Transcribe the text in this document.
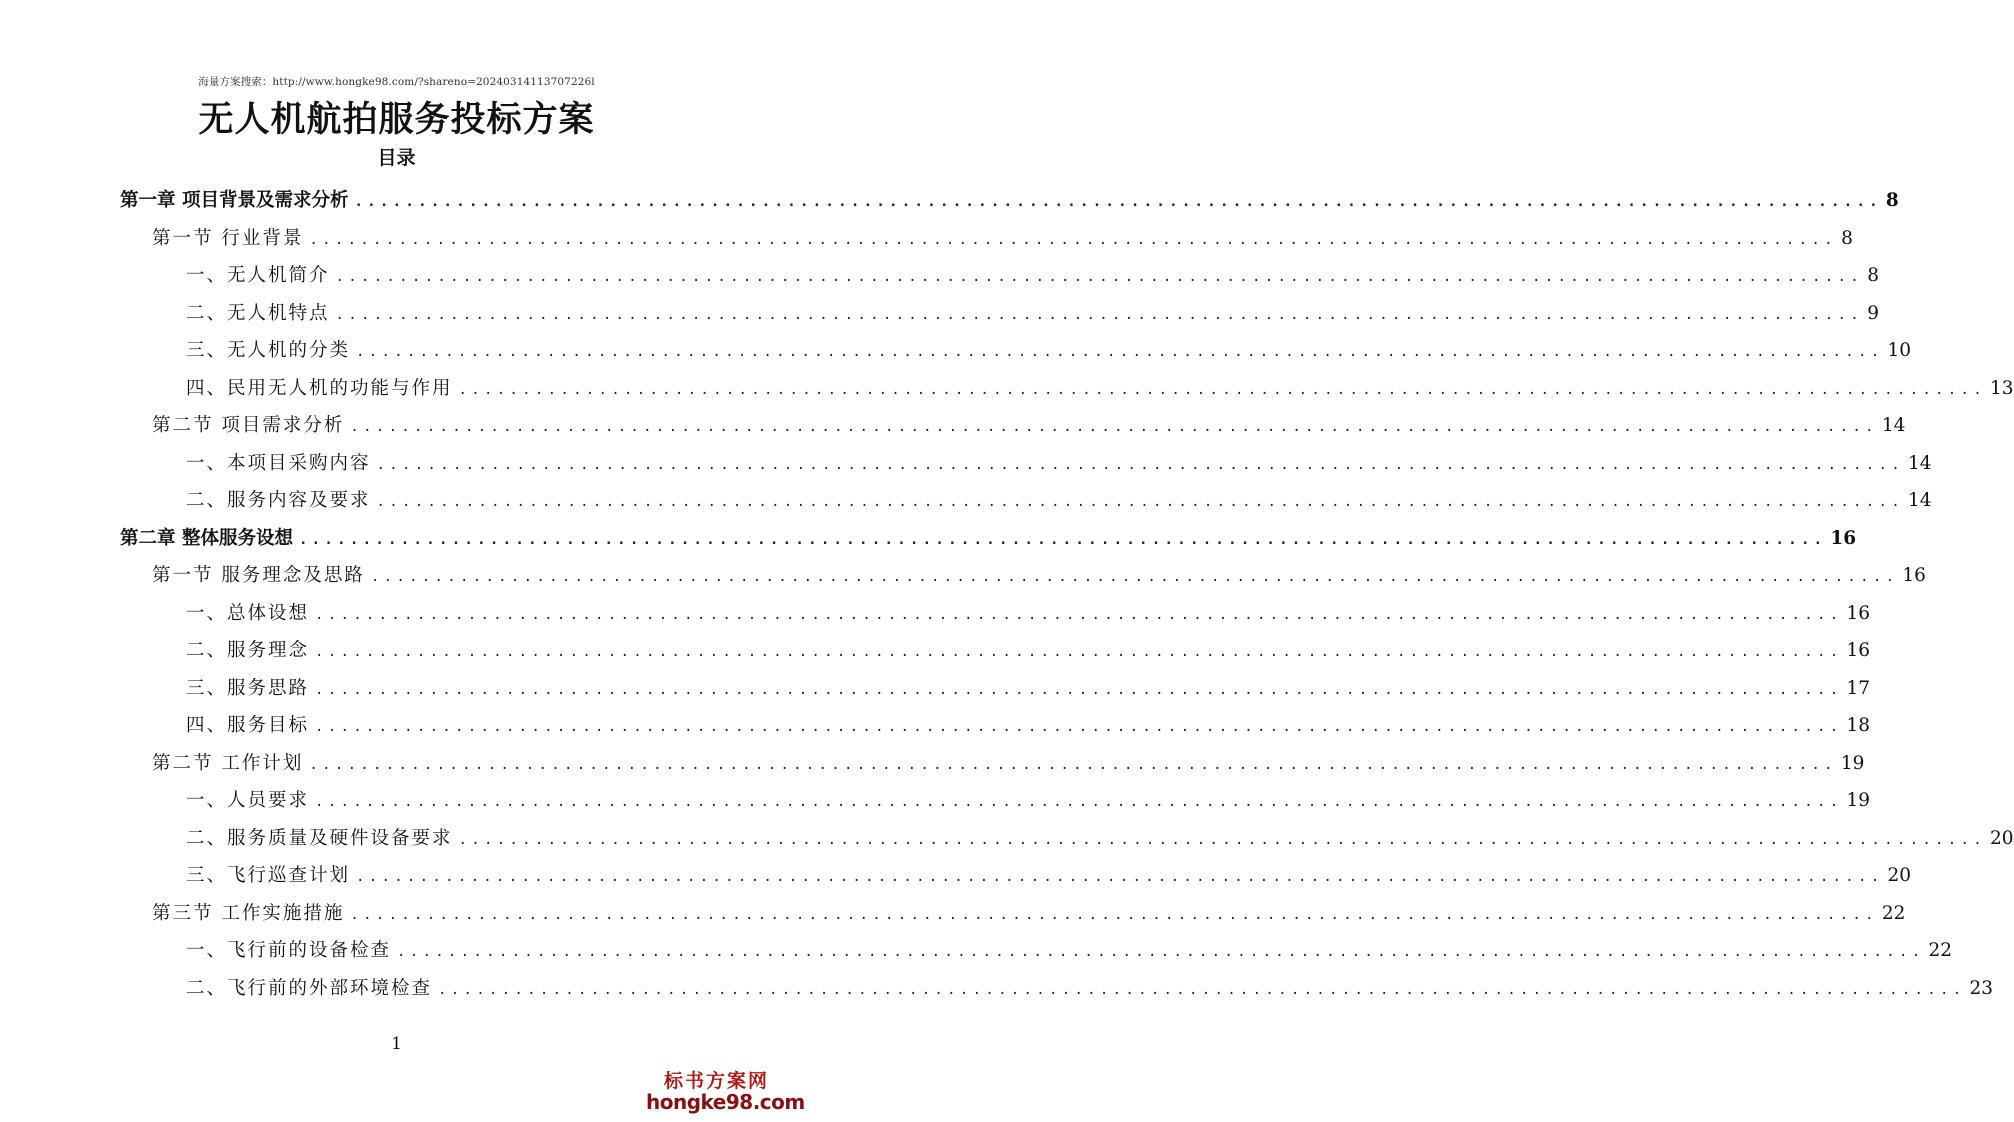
海量方案搜索：http://www.hongke98.com/?shareno=20240314113707226l
无人机航拍服务投标方案
目录
第一章 项目背景及需求分析 ........................................................................................................................ 8
第一节 行业背景 ........................................................................................................................ 8
一、无人机简介 ........................................................................................................................ 8
二、无人机特点 ........................................................................................................................ 9
三、无人机的分类 ........................................................................................................................ 10
四、民用无人机的功能与作用 ........................................................................................................................ 13
第二节 项目需求分析 ........................................................................................................................ 14
一、本项目采购内容 ........................................................................................................................ 14
二、服务内容及要求 ........................................................................................................................ 14
第二章 整体服务设想 ........................................................................................................................ 16
第一节 服务理念及思路 ........................................................................................................................ 16
一、总体设想 ........................................................................................................................ 16
二、服务理念 ........................................................................................................................ 16
三、服务思路 ........................................................................................................................ 17
四、服务目标 ........................................................................................................................ 18
第二节 工作计划 ........................................................................................................................ 19
一、人员要求 ........................................................................................................................ 19
二、服务质量及硬件设备要求 ........................................................................................................................ 20
三、飞行巡查计划 ........................................................................................................................ 20
第三节 工作实施措施 ........................................................................................................................ 22
一、飞行前的设备检查 ........................................................................................................................ 22
二、飞行前的外部环境检查 ........................................................................................................................ 23
1
标书方案网
hongke98.com
